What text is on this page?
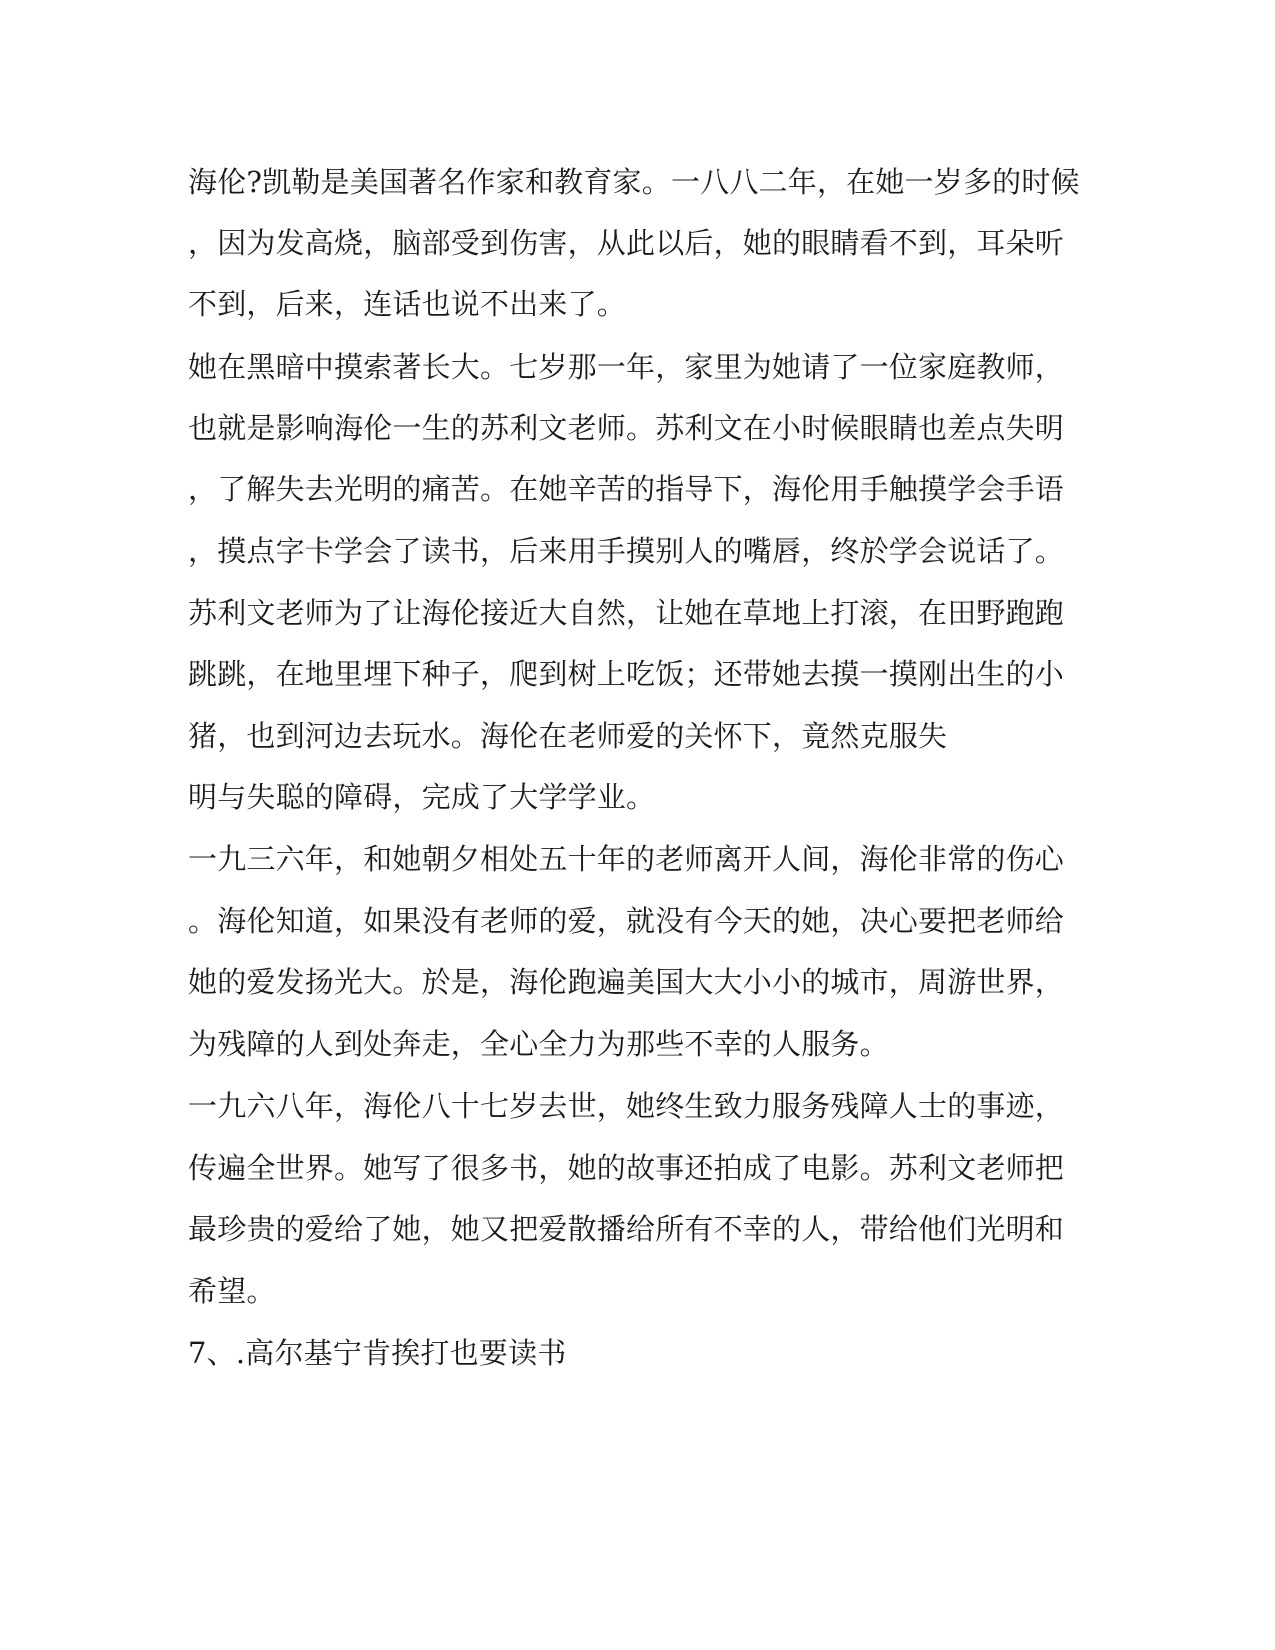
海伦?凯勒是美国著名作家和教育家。一八八二年，在她一岁多的时候
，因为发高烧，脑部受到伤害，从此以后，她的眼睛看不到，耳朵听
不到，后来，连话也说不出来了。
她在黑暗中摸索著长大。七岁那一年，家里为她请了一位家庭教师，
也就是影响海伦一生的苏利文老师。苏利文在小时候眼睛也差点失明
，了解失去光明的痛苦。在她辛苦的指导下，海伦用手触摸学会手语
，摸点字卡学会了读书，后来用手摸别人的嘴唇，终於学会说话了。
苏利文老师为了让海伦接近大自然，让她在草地上打滚，在田野跑跑
跳跳，在地里埋下种子，爬到树上吃饭；还带她去摸一摸刚出生的小
猪，也到河边去玩水。海伦在老师爱的关怀下，竟然克服失
明与失聪的障碍，完成了大学学业。
一九三六年，和她朝夕相处五十年的老师离开人间，海伦非常的伤心
。海伦知道，如果没有老师的爱，就没有今天的她，决心要把老师给
她的爱发扬光大。於是，海伦跑遍美国大大小小的城市，周游世界，
为残障的人到处奔走，全心全力为那些不幸的人服务。
一九六八年，海伦八十七岁去世，她终生致力服务残障人士的事迹，
传遍全世界。她写了很多书，她的故事还拍成了电影。苏利文老师把
最珍贵的爱给了她，她又把爱散播给所有不幸的人，带给他们光明和
希望。
7、.高尔基宁肯挨打也要读书
